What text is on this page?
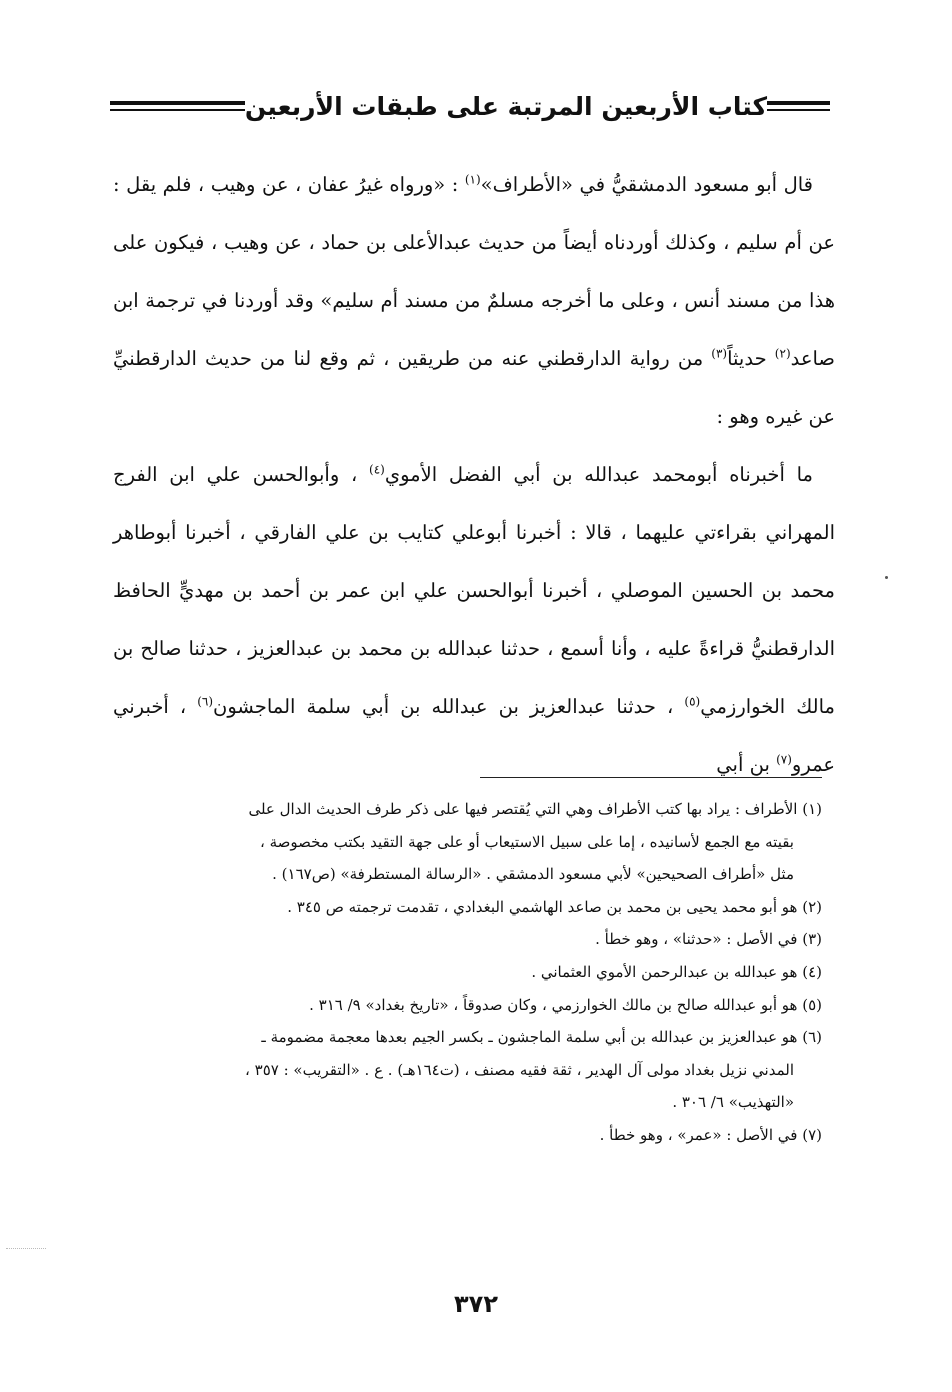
كتاب الأربعين المرتبة على طبقات الأربعين

قال أبو مسعود الدمشقيُّ في «الأطراف»$^{(١)}$ : «ورواه غيرُ عفان ، عن وهيب ، فلم يقل : عن أم سليم ، وكذلك أوردناه أيضاً من حديث عبدالأعلى بن حماد ، عن وهيب ، فيكون على هذا من مسند أنس ، وعلى ما أخرجه مسلمٌ من مسند أم سليم» وقد أوردنا في ترجمة ابن صاعد$^{(٢)}$ حديثاً$^{(٣)}$ من رواية الدارقطني عنه من طريقين ، ثم وقع لنا من حديث الدارقطنيِّ عن غيره وهو :

ما أخبرناه أبومحمد عبدالله بن أبي الفضل الأموي$^{(٤)}$ ، وأبوالحسن علي ابن الفرج المهراني بقراءتي عليهما ، قالا : أخبرنا أبوعلي كتايب بن علي الفارقي ، أخبرنا أبوطاهر محمد بن الحسين الموصلي ، أخبرنا أبوالحسن علي ابن عمر بن أحمد بن مهديٍّ الحافظ الدارقطنيُّ قراءةً عليه ، وأنا أسمع ، حدثنا عبدالله بن محمد بن عبدالعزيز ، حدثنا صالح بن مالك الخوارزمي$^{(٥)}$ ، حدثنا عبدالعزيز بن عبدالله بن أبي سلمة الماجشون$^{(٦)}$ ، أخبرني عمرو$^{(٧)}$ بن أبي

(١) الأطراف : يراد بها كتب الأطراف وهي التي يُقتصر فيها على ذكر طرف الحديث الدال على

بقيته مع الجمع لأسانيده ، إما على سبيل الاستيعاب أو على جهة التقيد بكتب مخصوصة ،

مثل «أطراف الصحيحين» لأبي مسعود الدمشقي . «الرسالة المستطرفة» (ص١٦٧) .

(٢) هو أبو محمد يحيى بن محمد بن صاعد الهاشمي البغدادي ، تقدمت ترجمته ص ٣٤٥ .

(٣) في الأصل : «حدثنا» ، وهو خطأ .

(٤) هو عبدالله بن عبدالرحمن الأموي العثماني .

(٥) هو أبو عبدالله صالح بن مالك الخوارزمي ، وكان صدوقاً ، «تاريخ بغداد» ٩/ ٣١٦ .

(٦) هو عبدالعزيز بن عبدالله بن أبي سلمة الماجشون ـ بكسر الجيم بعدها معجمة مضمومة ـ

المدني نزيل بغداد مولى آل الهدير ، ثقة فقيه مصنف ، (ت١٦٤هـ) . ع . «التقريب» : ٣٥٧ ،

«التهذيب» ٦/ ٣٠٦ .

(٧) في الأصل : «عمر» ، وهو خطأ .

٣٧٢
